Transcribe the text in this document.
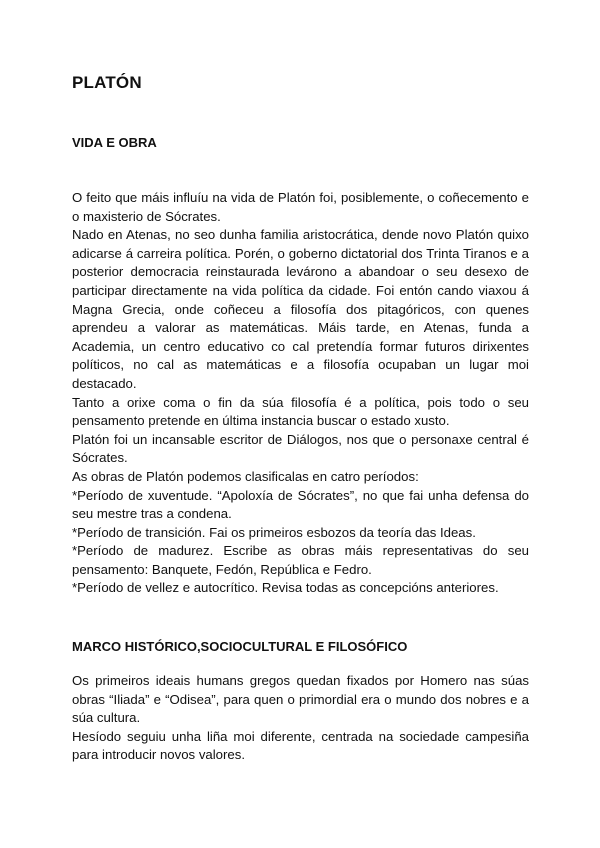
PLATÓN
VIDA E OBRA

O feito que máis influíu na vida de Platón foi, posiblemente, o coñecemento e o maxisterio de Sócrates.

Nado en Atenas, no seo dunha familia aristocrática, dende novo Platón quixo adicarse á carreira política. Porén, o goberno dictatorial dos Trinta Tiranos e a posterior democracia reinstaurada levárono a abandoar o seu desexo de participar directamente na vida política da cidade. Foi entón cando viaxou á Magna Grecia, onde coñeceu a filosofía dos pitagóricos, con quenes aprendeu a valorar as matemáticas. Máis tarde, en Atenas, funda a Academia, un centro educativo co cal pretendía formar futuros dirixentes políticos, no cal as matemáticas e a filosofía ocupaban un lugar moi destacado.

Tanto a orixe coma o fin da súa filosofía é a política, pois todo o seu pensamento pretende en última instancia buscar o estado xusto.

Platón foi un incansable escritor de Diálogos, nos que o personaxe central é Sócrates.

As obras de Platón podemos clasificalas en catro períodos:

*Período de xuventude. “Apoloxía de Sócrates”, no que fai unha defensa do seu mestre tras a condena.

*Período de transición. Fai os primeiros esbozos da teoría das Ideas.

*Período de madurez. Escribe as obras máis representativas do seu pensamento: Banquete, Fedón, República e Fedro.

*Período de vellez e autocrítico. Revisa todas as concepcións anteriores.

MARCO HISTÓRICO,SOCIOCULTURAL E FILOSÓFICO

Os primeiros ideais humans gregos quedan fixados por Homero nas súas obras “Iliada” e “Odisea”, para quen o primordial era o mundo dos nobres e a súa cultura.

Hesíodo seguiu unha liña moi diferente, centrada na sociedade campesiña para introducir novos valores.
